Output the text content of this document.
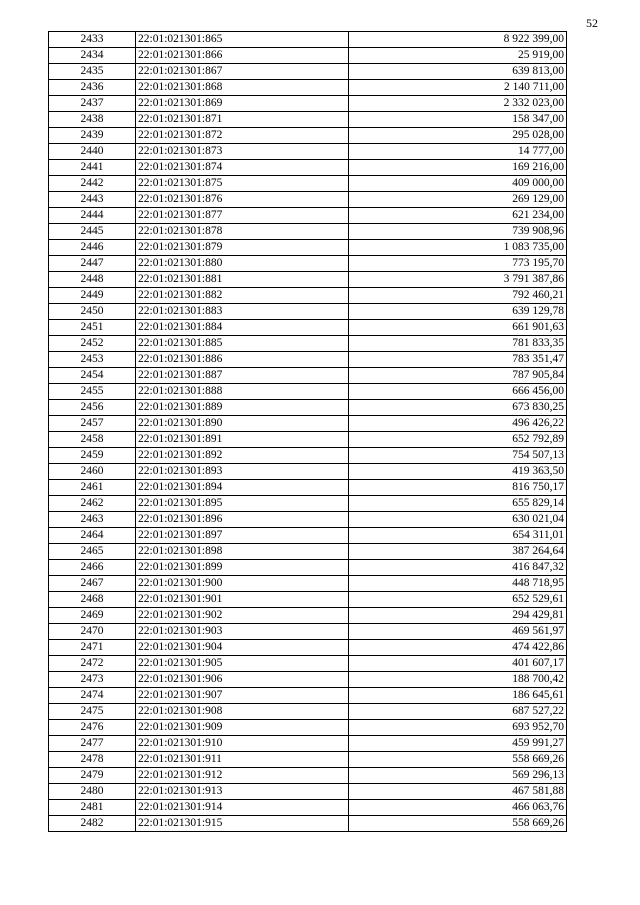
52
2433	22:01:021301:865	8 922 399,00
2434	22:01:021301:866	25 919,00
2435	22:01:021301:867	639 813,00
2436	22:01:021301:868	2 140 711,00
2437	22:01:021301:869	2 332 023,00
2438	22:01:021301:871	158 347,00
2439	22:01:021301:872	295 028,00
2440	22:01:021301:873	14 777,00
2441	22:01:021301:874	169 216,00
2442	22:01:021301:875	409 000,00
2443	22:01:021301:876	269 129,00
2444	22:01:021301:877	621 234,00
2445	22:01:021301:878	739 908,96
2446	22:01:021301:879	1 083 735,00
2447	22:01:021301:880	773 195,70
2448	22:01:021301:881	3 791 387,86
2449	22:01:021301:882	792 460,21
2450	22:01:021301:883	639 129,78
2451	22:01:021301:884	661 901,63
2452	22:01:021301:885	781 833,35
2453	22:01:021301:886	783 351,47
2454	22:01:021301:887	787 905,84
2455	22:01:021301:888	666 456,00
2456	22:01:021301:889	673 830,25
2457	22:01:021301:890	496 426,22
2458	22:01:021301:891	652 792,89
2459	22:01:021301:892	754 507,13
2460	22:01:021301:893	419 363,50
2461	22:01:021301:894	816 750,17
2462	22:01:021301:895	655 829,14
2463	22:01:021301:896	630 021,04
2464	22:01:021301:897	654 311,01
2465	22:01:021301:898	387 264,64
2466	22:01:021301:899	416 847,32
2467	22:01:021301:900	448 718,95
2468	22:01:021301:901	652 529,61
2469	22:01:021301:902	294 429,81
2470	22:01:021301:903	469 561,97
2471	22:01:021301:904	474 422,86
2472	22:01:021301:905	401 607,17
2473	22:01:021301:906	188 700,42
2474	22:01:021301:907	186 645,61
2475	22:01:021301:908	687 527,22
2476	22:01:021301:909	693 952,70
2477	22:01:021301:910	459 991,27
2478	22:01:021301:911	558 669,26
2479	22:01:021301:912	569 296,13
2480	22:01:021301:913	467 581,88
2481	22:01:021301:914	466 063,76
2482	22:01:021301:915	558 669,26
